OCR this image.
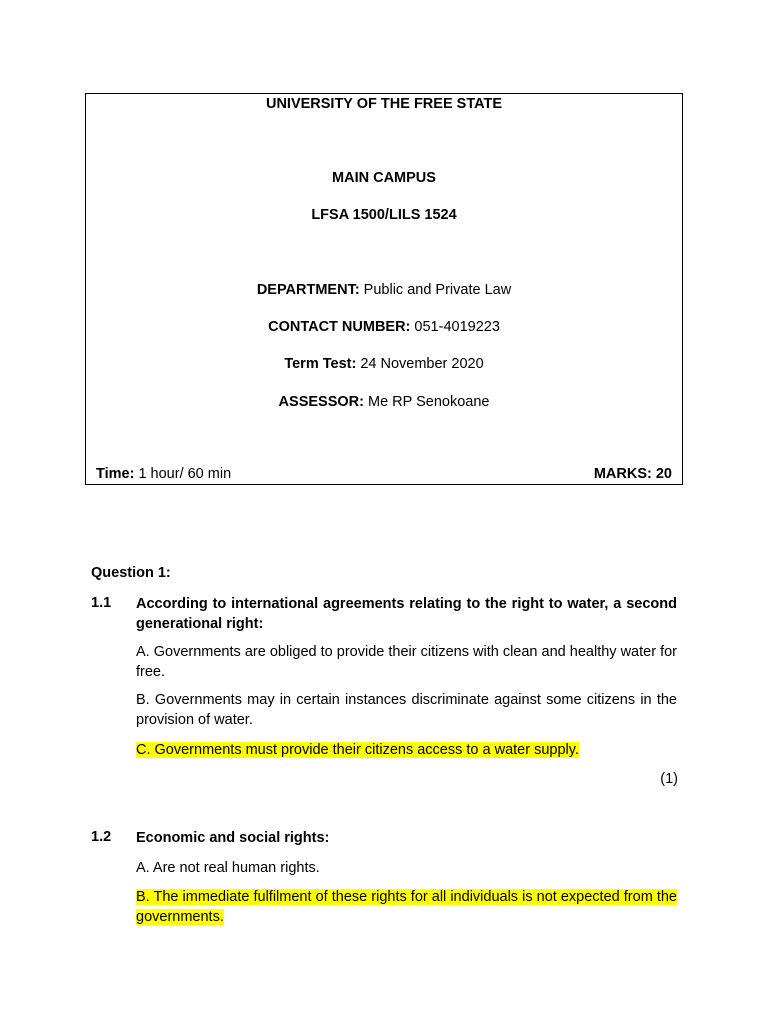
UNIVERSITY OF THE FREE STATE
MAIN CAMPUS
LFSA 1500/LILS 1524
DEPARTMENT: Public and Private Law
CONTACT NUMBER: 051-4019223
Term Test: 24 November 2020
ASSESSOR: Me RP Senokoane
Time: 1 hour/ 60 min	MARKS: 20
Question 1:
1.1 According to international agreements relating to the right to water, a second generational right:
A. Governments are obliged to provide their citizens with clean and healthy water for free.
B. Governments may in certain instances discriminate against some citizens in the provision of water.
C. Governments must provide their citizens access to a water supply.
(1)
1.2 Economic and social rights:
A. Are not real human rights.
B. The immediate fulfilment of these rights for all individuals is not expected from the governments.
